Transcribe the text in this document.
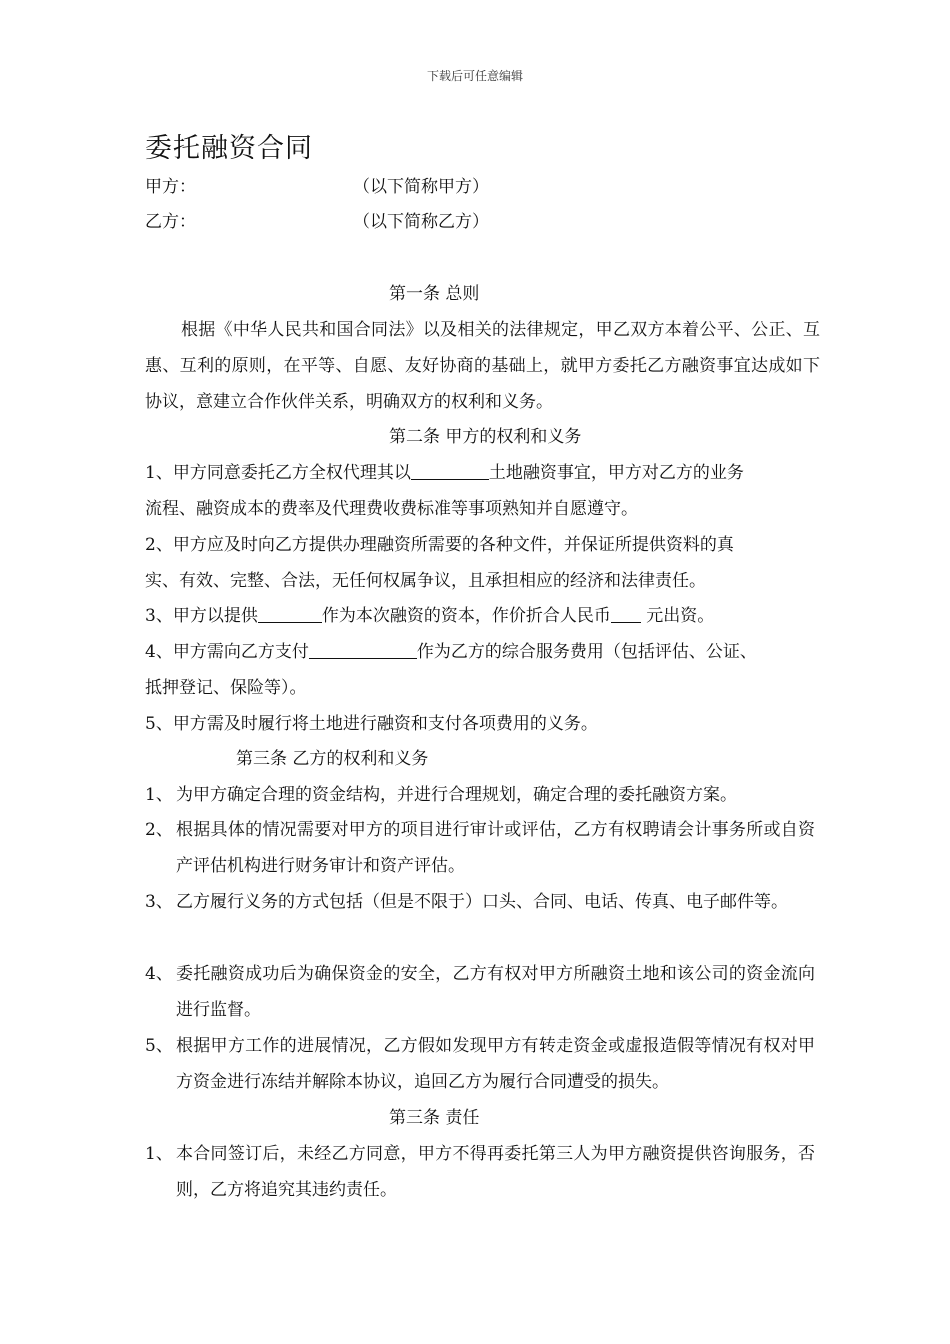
下载后可任意编辑
委托融资合同
甲方：	（以下简称甲方）
乙方：	（以下简称乙方）
第一条 总则
根据《中华人民共和国合同法》以及相关的法律规定，甲乙双方本着公平、公正、互惠、互利的原则，在平等、自愿、友好协商的基础上，就甲方委托乙方融资事宜达成如下协议，意建立合作伙伴关系，明确双方的权利和义务。
第二条 甲方的权利和义务
1、甲方同意委托乙方全权代理其以	土地融资事宜，甲方对乙方的业务
流程、融资成本的费率及代理费收费标准等事项熟知并自愿遵守。
2、甲方应及时向乙方提供办理融资所需要的各种文件，并保证所提供资料的真
实、有效、完整、合法，无任何权属争议，且承担相应的经济和法律责任。
3、甲方以提供	作为本次融资的资本，作价折合人民币 元出资。
4、甲方需向乙方支付	作为乙方的综合服务费用（包括评估、公证、
抵押登记、保险等）。
5、甲方需及时履行将土地进行融资和支付各项费用的义务。
第三条 乙方的权利和义务
1、 为甲方确定合理的资金结构，并进行合理规划，确定合理的委托融资方案。
2、 根据具体的情况需要对甲方的项目进行审计或评估，乙方有权聘请会计事务所或自资产评估机构进行财务审计和资产评估。
3、 乙方履行义务的方式包括（但是不限于）口头、合同、电话、传真、电子邮件等。
4、 委托融资成功后为确保资金的安全，乙方有权对甲方所融资土地和该公司的资金流向进行监督。
5、 根据甲方工作的进展情况，乙方假如发现甲方有转走资金或虚报造假等情况有权对甲方资金进行冻结并解除本协议，追回乙方为履行合同遭受的损失。
第三条 责任
1、 本合同签订后，未经乙方同意，甲方不得再委托第三人为甲方融资提供咨询服务，否则，乙方将追究其违约责任。
